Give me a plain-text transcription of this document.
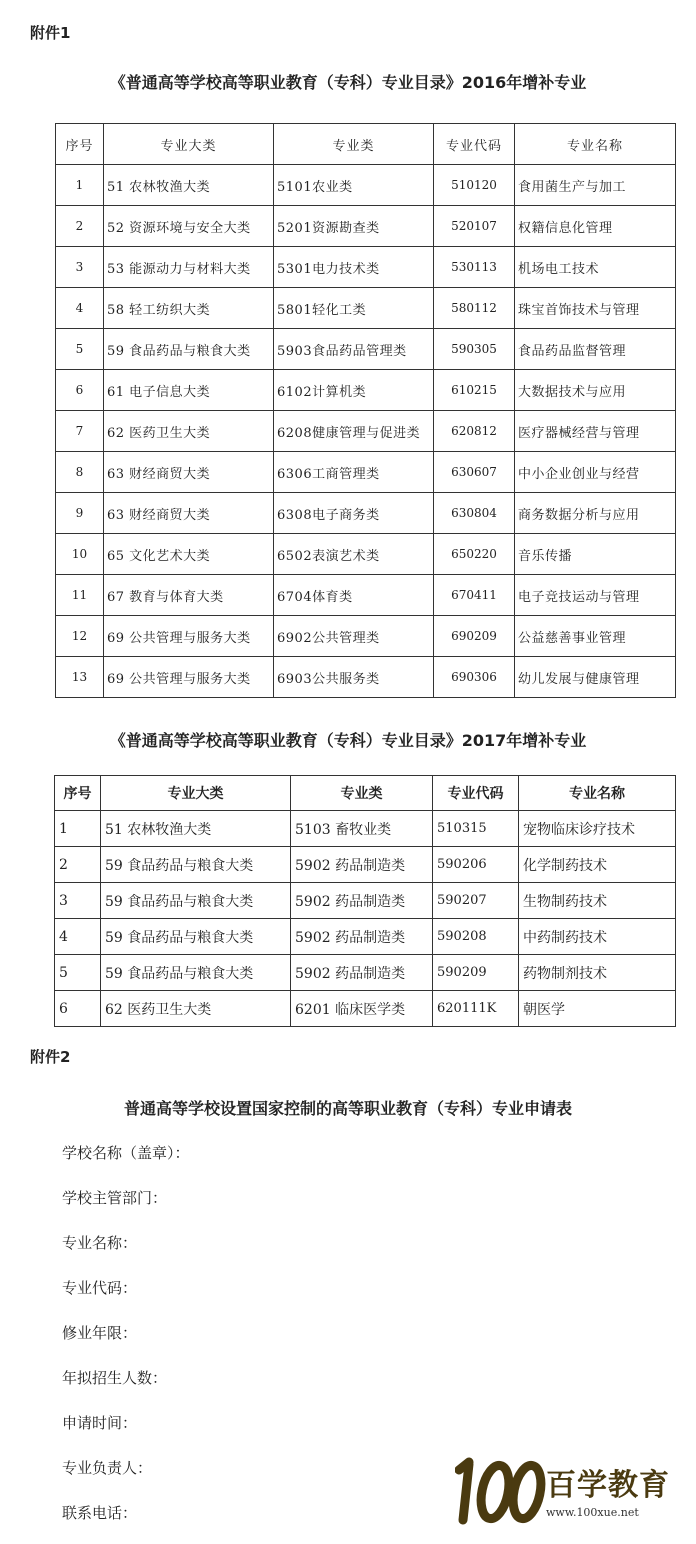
附件1
《普通高等学校高等职业教育（专科）专业目录》2016年增补专业
序号	专业大类	专业类	专业代码	专业名称
1	51 农林牧渔大类	5101农业类	510120	食用菌生产与加工
2	52 资源环境与安全大类	5201资源勘查类	520107	权籍信息化管理
3	53 能源动力与材料大类	5301电力技术类	530113	机场电工技术
4	58 轻工纺织大类	5801轻化工类	580112	珠宝首饰技术与管理
5	59 食品药品与粮食大类	5903食品药品管理类	590305	食品药品监督管理
6	61 电子信息大类	6102计算机类	610215	大数据技术与应用
7	62 医药卫生大类	6208健康管理与促进类	620812	医疗器械经营与管理
8	63 财经商贸大类	6306工商管理类	630607	中小企业创业与经营
9	63 财经商贸大类	6308电子商务类	630804	商务数据分析与应用
10	65 文化艺术大类	6502表演艺术类	650220	音乐传播
11	67 教育与体育大类	6704体育类	670411	电子竞技运动与管理
12	69 公共管理与服务大类	6902公共管理类	690209	公益慈善事业管理
13	69 公共管理与服务大类	6903公共服务类	690306	幼儿发展与健康管理
《普通高等学校高等职业教育（专科）专业目录》2017年增补专业
序号	专业大类	专业类	专业代码	专业名称
1	51 农林牧渔大类	5103 畜牧业类	510315	宠物临床诊疗技术
2	59 食品药品与粮食大类	5902 药品制造类	590206	化学制药技术
3	59 食品药品与粮食大类	5902 药品制造类	590207	生物制药技术
4	59 食品药品与粮食大类	5902 药品制造类	590208	中药制药技术
5	59 食品药品与粮食大类	5902 药品制造类	590209	药物制剂技术
6	62 医药卫生大类	6201 临床医学类	620111K	朝医学
附件2
普通高等学校设置国家控制的高等职业教育（专科）专业申请表
学校名称（盖章）：
学校主管部门：
专业名称：
专业代码：
修业年限：
年拟招生人数：
申请时间：
专业负责人：
联系电话：
百学教育
www.100xue.net
